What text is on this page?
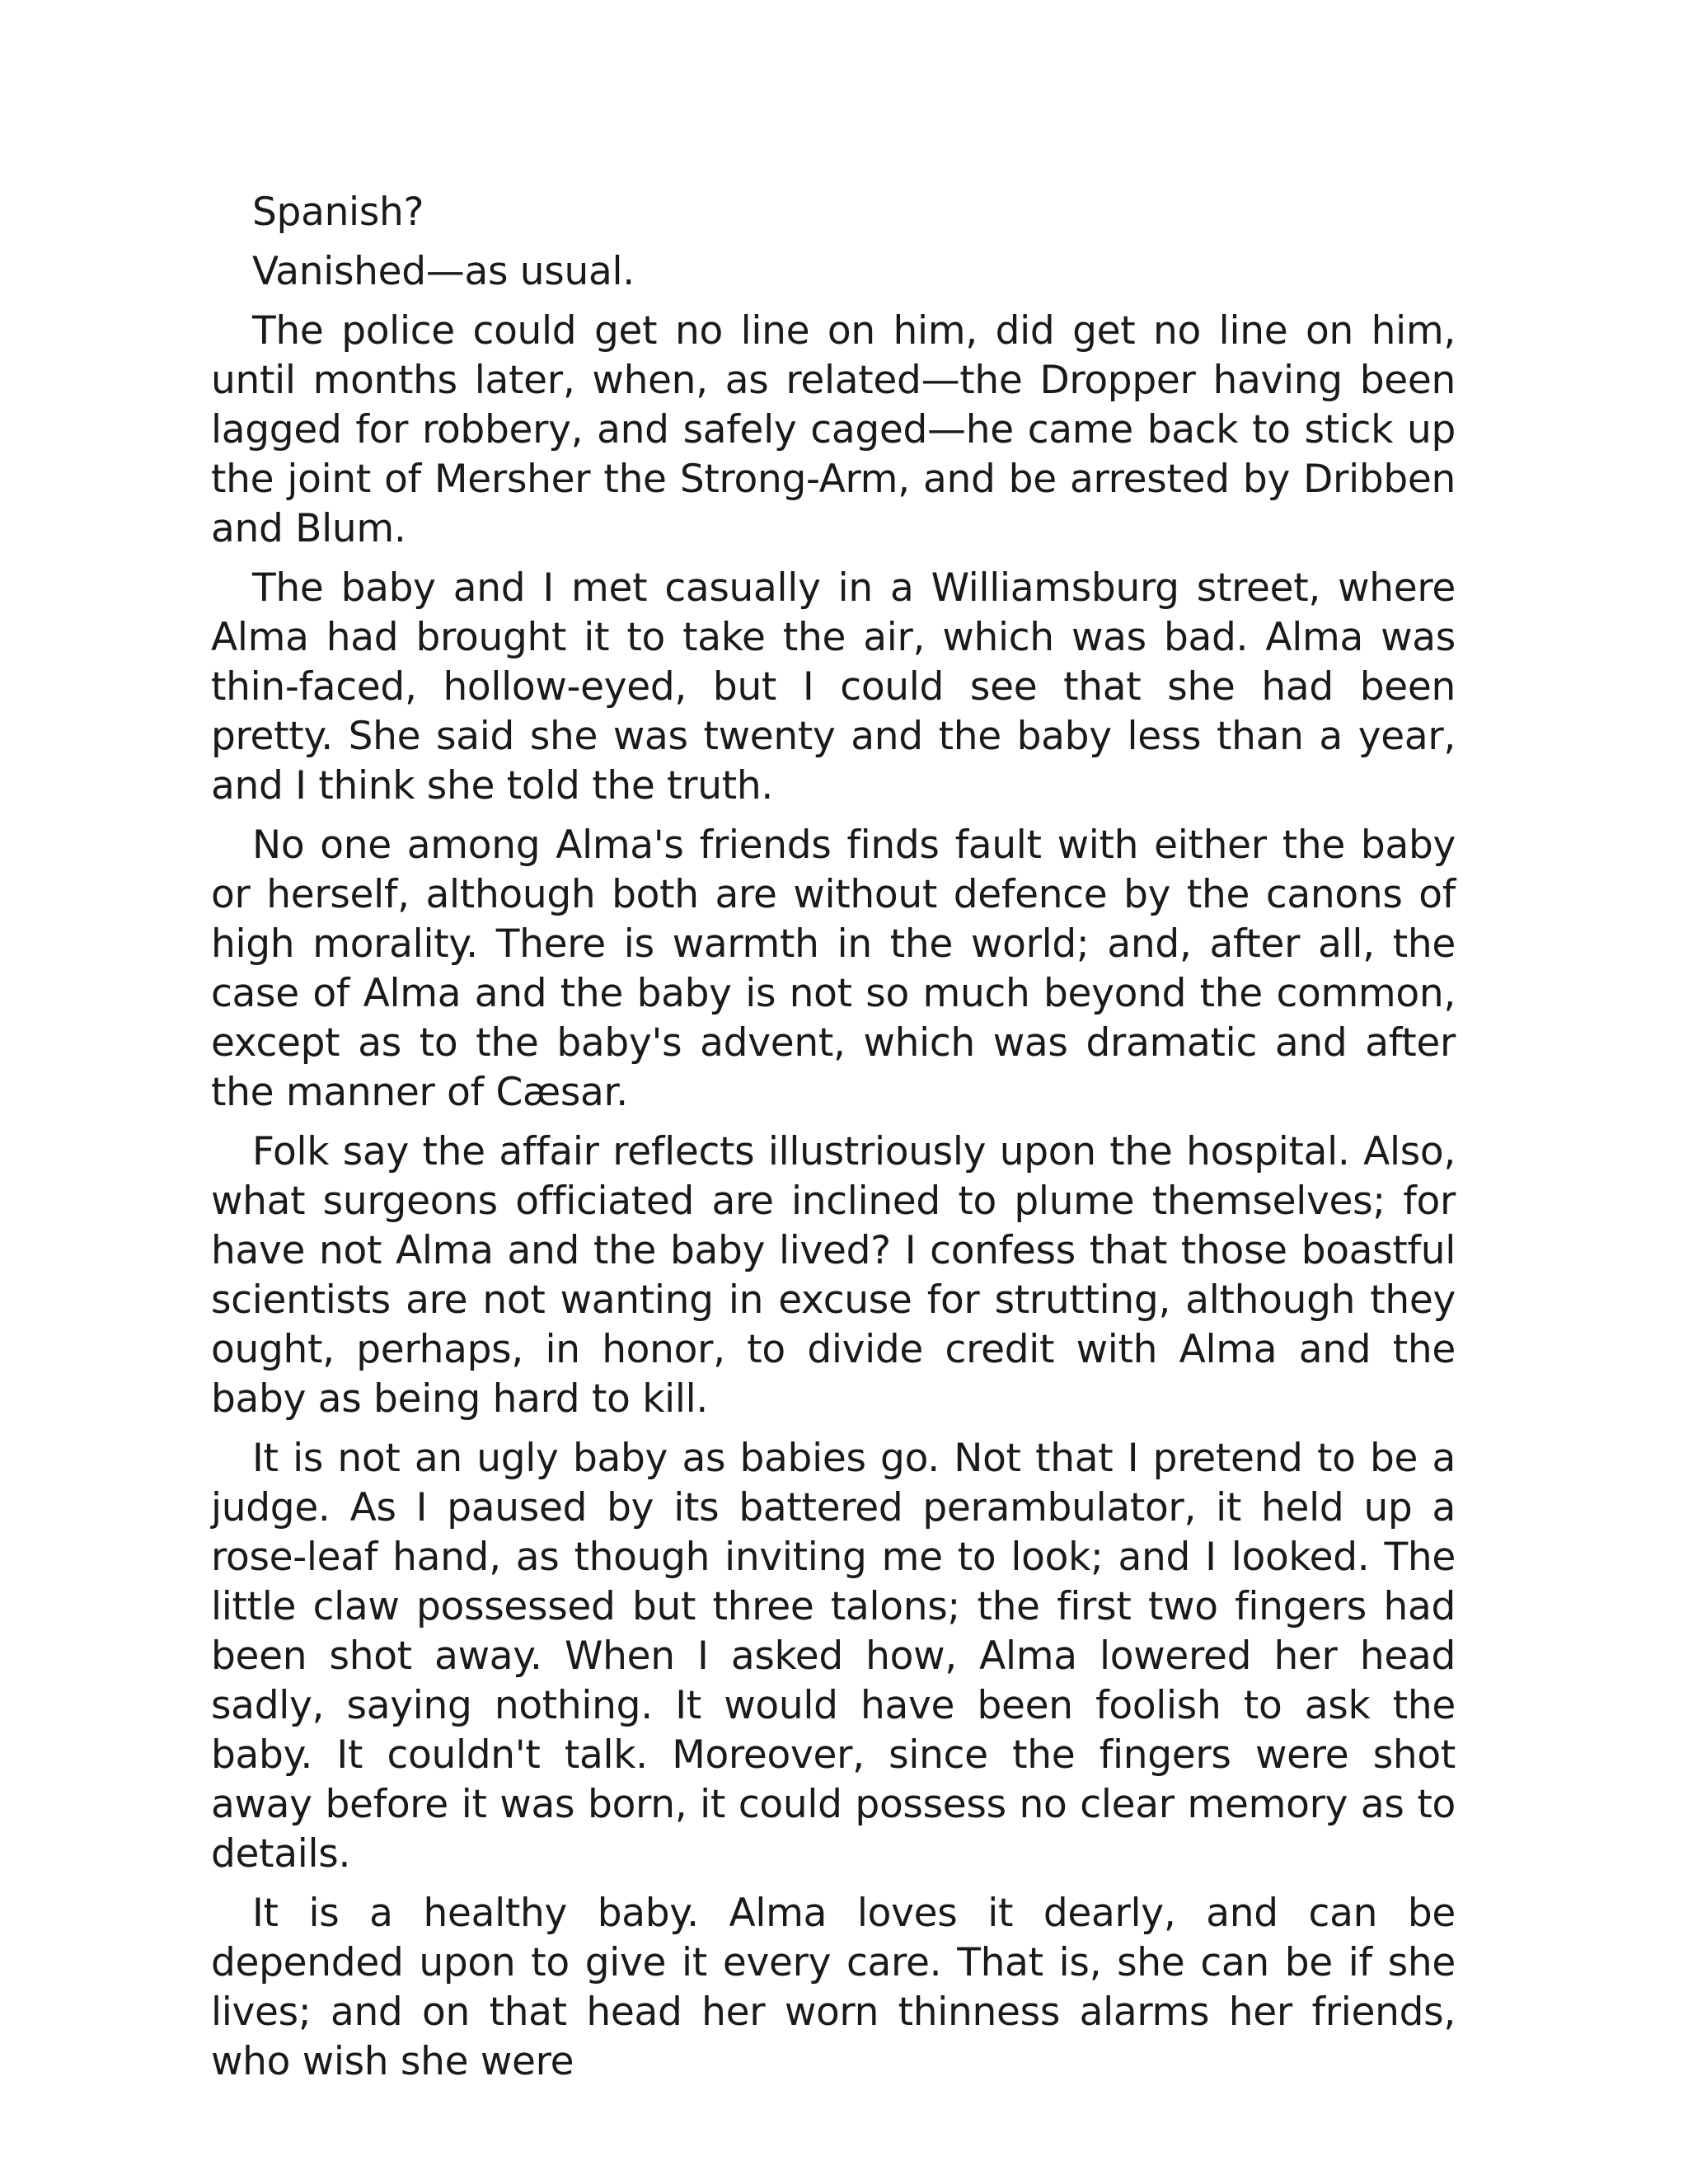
Spanish?

Vanished—as usual.

The police could get no line on him, did get no line on him, until months later, when, as related—the Dropper having been lagged for robbery, and safely caged—he came back to stick up the joint of Mersher the Strong-Arm, and be arrested by Dribben and Blum.

The baby and I met casually in a Williamsburg street, where Alma had brought it to take the air, which was bad. Alma was thin-faced, hollow-eyed, but I could see that she had been pretty. She said she was twenty and the baby less than a year, and I think she told the truth.

No one among Alma's friends finds fault with either the baby or herself, although both are without defence by the canons of high morality. There is warmth in the world; and, after all, the case of Alma and the baby is not so much beyond the common, except as to the baby's advent, which was dramatic and after the manner of Cæsar.

Folk say the affair reflects illustriously upon the hospital. Also, what surgeons officiated are inclined to plume themselves; for have not Alma and the baby lived? I confess that those boastful scientists are not wanting in excuse for strutting, although they ought, perhaps, in honor, to divide credit with Alma and the baby as being hard to kill.

It is not an ugly baby as babies go. Not that I pretend to be a judge. As I paused by its battered perambulator, it held up a rose-leaf hand, as though inviting me to look; and I looked. The little claw possessed but three talons; the first two fingers had been shot away. When I asked how, Alma lowered her head sadly, saying nothing. It would have been foolish to ask the baby. It couldn't talk. Moreover, since the fingers were shot away before it was born, it could possess no clear memory as to details.

It is a healthy baby. Alma loves it dearly, and can be depended upon to give it every care. That is, she can be if she lives; and on that head her worn thinness alarms her friends, who wish she were
